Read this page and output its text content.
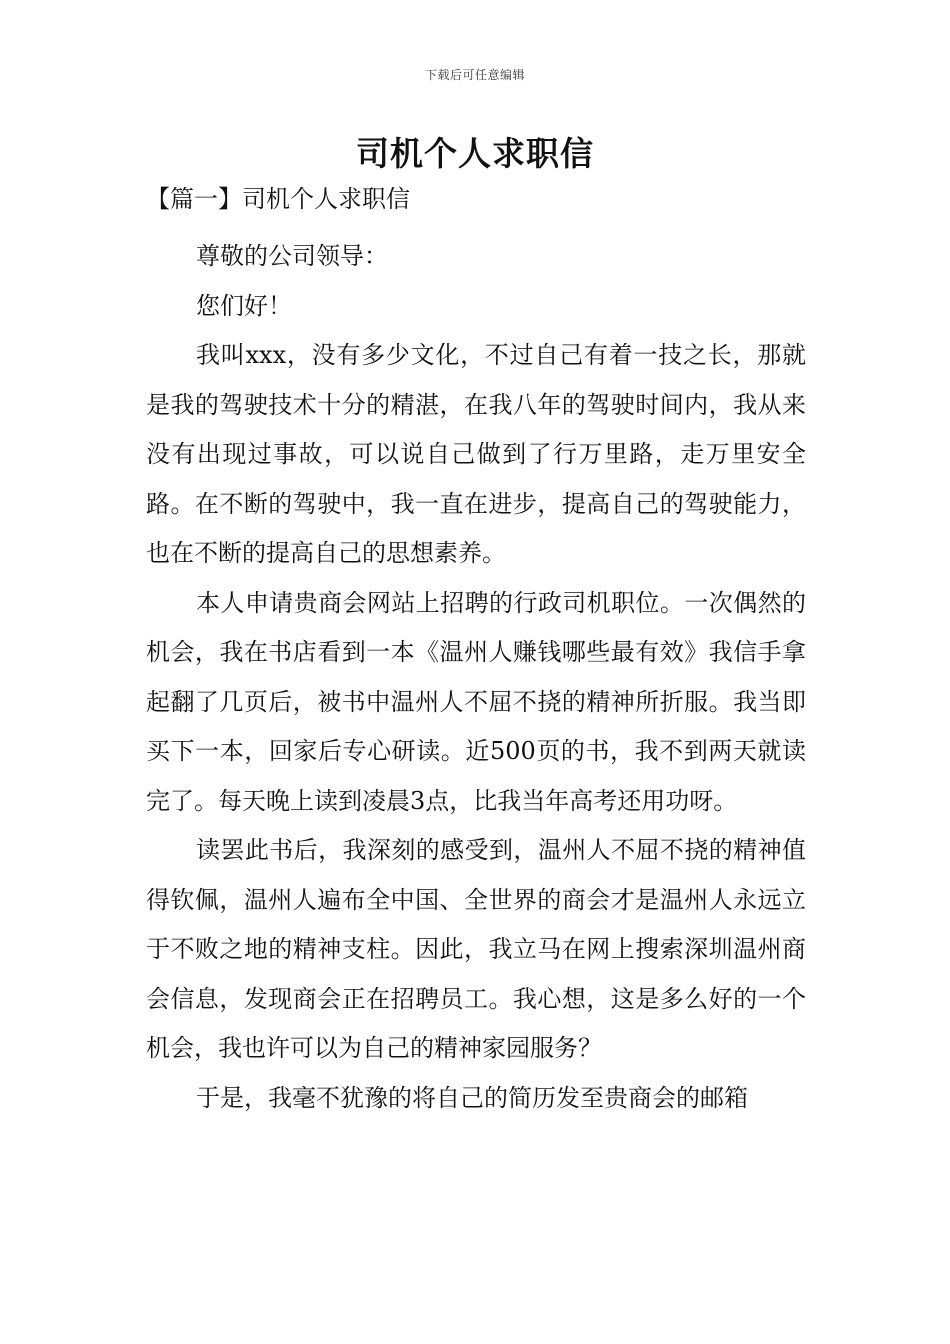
下载后可任意编辑
司机个人求职信
【篇一】司机个人求职信

尊敬的公司领导：

您们好！

我叫xxx，没有多少文化，不过自己有着一技之长，那就是我的驾驶技术十分的精湛，在我八年的驾驶时间内，我从来没有出现过事故，可以说自己做到了行万里路，走万里安全路。在不断的驾驶中，我一直在进步，提高自己的驾驶能力，也在不断的提高自己的思想素养。

本人申请贵商会网站上招聘的行政司机职位。一次偶然的机会，我在书店看到一本《温州人赚钱哪些最有效》我信手拿起翻了几页后，被书中温州人不屈不挠的精神所折服。我当即买下一本，回家后专心研读。近500页的书，我不到两天就读完了。每天晚上读到凌晨3点，比我当年高考还用功呀。

读罢此书后，我深刻的感受到，温州人不屈不挠的精神值得钦佩，温州人遍布全中国、全世界的商会才是温州人永远立于不败之地的精神支柱。因此，我立马在网上搜索深圳温州商会信息，发现商会正在招聘员工。我心想，这是多么好的一个机会，我也许可以为自己的精神家园服务？

于是，我毫不犹豫的将自己的简历发至贵商会的邮箱
